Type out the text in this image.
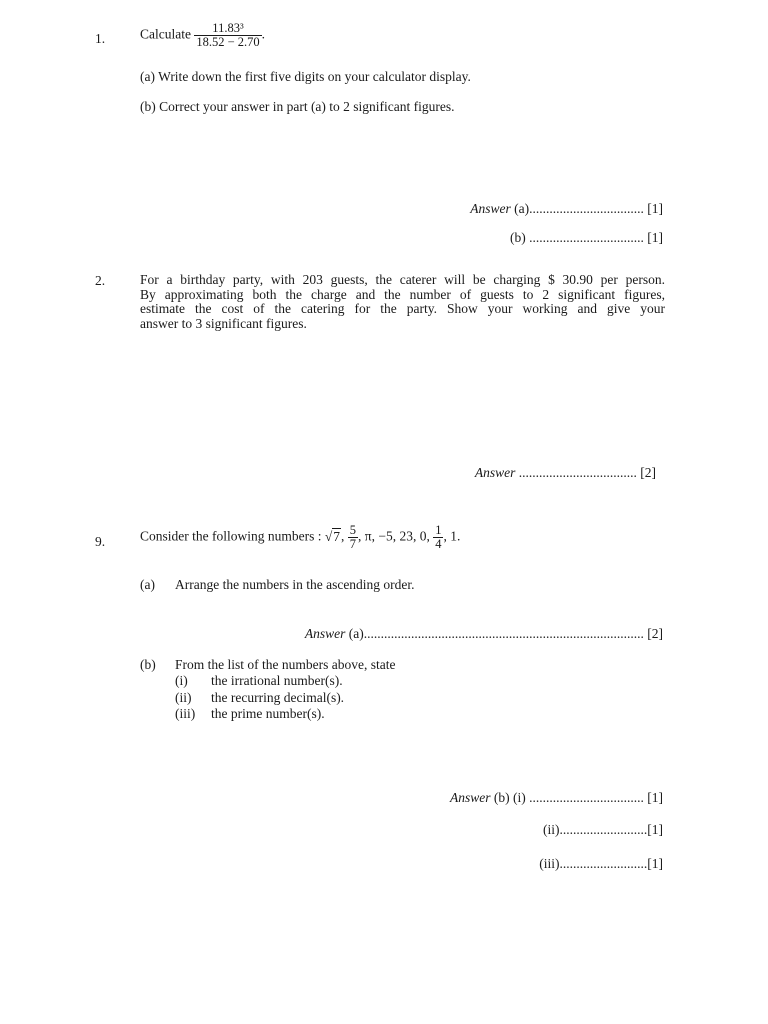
1.	Calculate $\frac{\text{11.83³}}{18.52 - 2.70}$ .
(a) Write down the first five digits on your calculator display.
(b) Correct your answer in part (a) to 2 significant figures.
Answer (a).................................. [1]
(b) .................................. [1]
2.	For a birthday party, with 203 guests, the caterer will be charging $ 30.90 per person.
By approximating both the charge and the number of guests to 2 significant figures,
estimate the cost of the catering for the party. Show your working and give your
answer to 3 significant figures.
Answer ................................... [2]
9.	Consider the following numbers : √7, $\frac{5}{7}$ , π, −5, 23, 0, $\frac{1}{4}$ , 1.
(a) Arrange the numbers in the ascending order.
Answer (a)................................................................................... [2]
(b) From the list of the numbers above, state
(i) the irrational number(s).
(ii) the recurring decimal(s).
(iii) the prime number(s).
Answer (b) (i) .................................. [1]
(ii)..........................[1]
(iii)..........................[1]
